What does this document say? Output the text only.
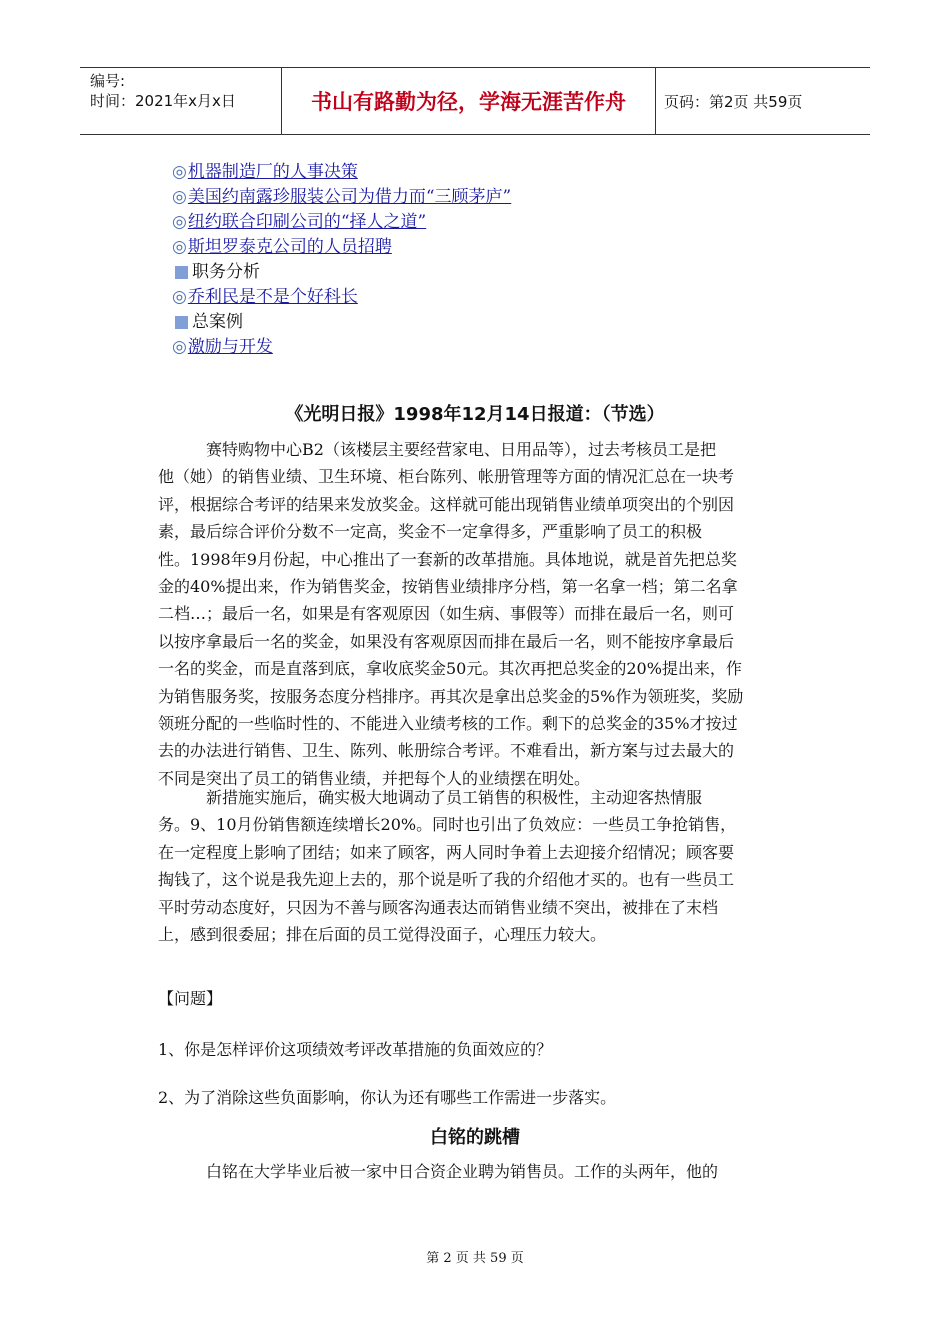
编号:
时间：2021年x月x日	书山有路勤为径，学海无涯苦作舟	页码：第2页 共59页
◎机器制造厂的人事决策
◎美国约南露珍服装公司为借力而“三顾茅庐”
◎纽约联合印刷公司的“择人之道”
◎斯坦罗泰克公司的人员招聘
职务分析
◎乔利民是不是个好科长
总案例
◎激励与开发
《光明日报》1998年12月14日报道：（节选）
　　　赛特购物中心B2（该楼层主要经营家电、日用品等），过去考核员工是把
他（她）的销售业绩、卫生环境、柜台陈列、帐册管理等方面的情况汇总在一块考
评，根据综合考评的结果来发放奖金。这样就可能出现销售业绩单项突出的个别因
素，最后综合评价分数不一定高，奖金不一定拿得多，严重影响了员工的积极
性。1998年9月份起，中心推出了一套新的改革措施。具体地说，就是首先把总奖
金的40%提出来，作为销售奖金，按销售业绩排序分档，第一名拿一档；第二名拿
二档…；最后一名，如果是有客观原因（如生病、事假等）而排在最后一名，则可
以按序拿最后一名的奖金，如果没有客观原因而排在最后一名，则不能按序拿最后
一名的奖金，而是直落到底，拿收底奖金50元。其次再把总奖金的20%提出来，作
为销售服务奖，按服务态度分档排序。再其次是拿出总奖金的5%作为领班奖，奖励
领班分配的一些临时性的、不能进入业绩考核的工作。剩下的总奖金的35%才按过
去的办法进行销售、卫生、陈列、帐册综合考评。不难看出，新方案与过去最大的
不同是突出了员工的销售业绩，并把每个人的业绩摆在明处。
　　　新措施实施后，确实极大地调动了员工销售的积极性，主动迎客热情服
务。9、10月份销售额连续增长20%。同时也引出了负效应：一些员工争抢销售，
在一定程度上影响了团结；如来了顾客，两人同时争着上去迎接介绍情况；顾客要
掏钱了，这个说是我先迎上去的，那个说是听了我的介绍他才买的。也有一些员工
平时劳动态度好，只因为不善与顾客沟通表达而销售业绩不突出，被排在了末档
上，感到很委屈；排在后面的员工觉得没面子，心理压力较大。
【问题】
1、你是怎样评价这项绩效考评改革措施的负面效应的？
2、为了消除这些负面影响，你认为还有哪些工作需进一步落实。
白铭的跳槽
　　　白铭在大学毕业后被一家中日合资企业聘为销售员。工作的头两年，他的
第 2 页 共 59 页
